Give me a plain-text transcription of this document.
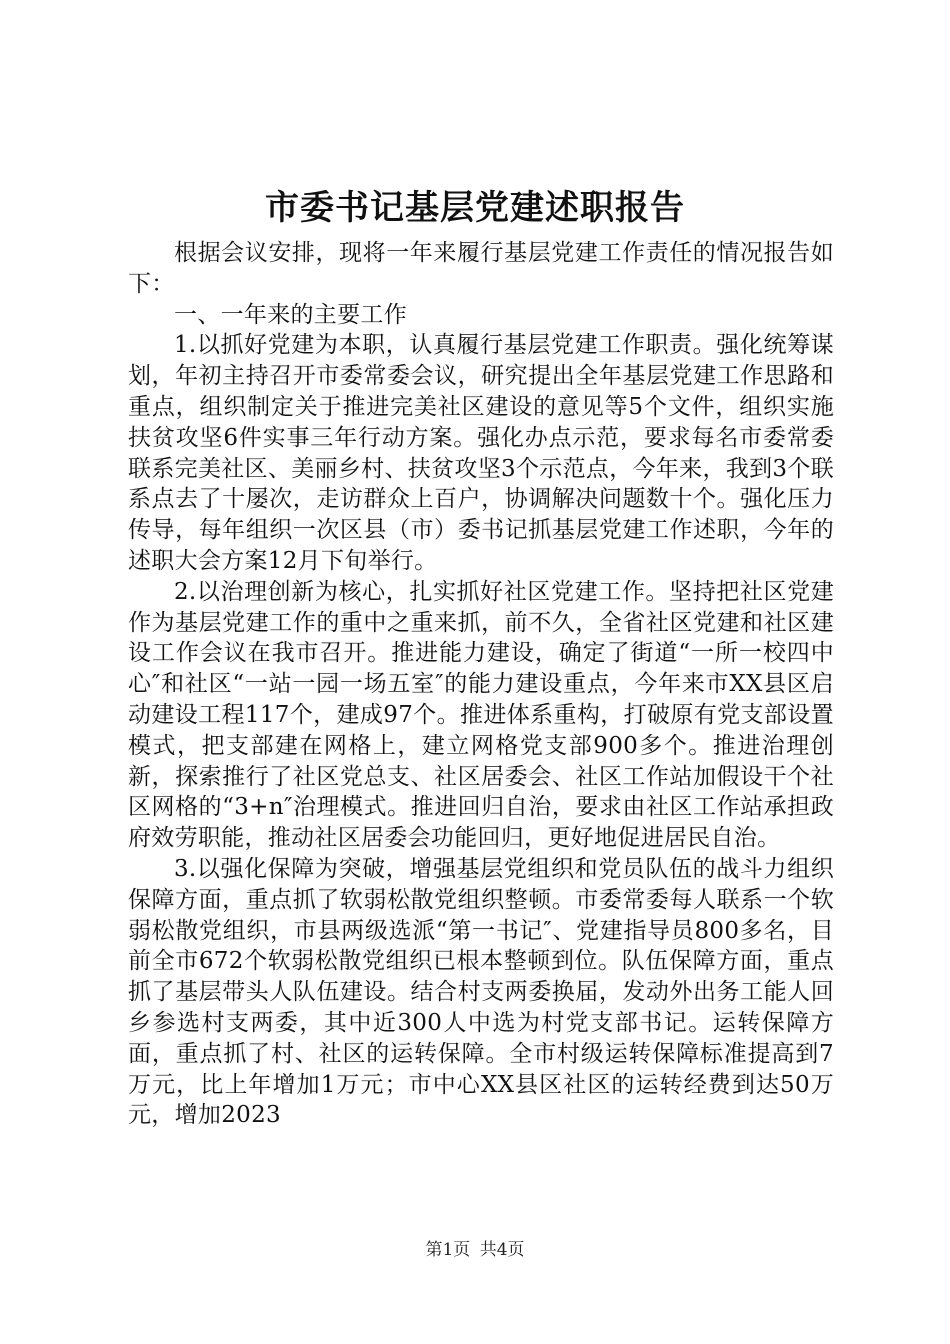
市委书记基层党建述职报告

根据会议安排，现将一年来履行基层党建工作责任的情况报告如下：

一、一年来的主要工作

1.以抓好党建为本职，认真履行基层党建工作职责。强化统筹谋划，年初主持召开市委常委会议，研究提出全年基层党建工作思路和重点，组织制定关于推进完美社区建设的意见等5个文件，组织实施扶贫攻坚6件实事三年行动方案。强化办点示范，要求每名市委常委联系完美社区、美丽乡村、扶贫攻坚3个示范点，今年来，我到3个联系点去了十屡次，走访群众上百户，协调解决问题数十个。强化压力传导，每年组织一次区县（市）委书记抓基层党建工作述职，今年的述职大会方案12月下旬举行。

2.以治理创新为核心，扎实抓好社区党建工作。坚持把社区党建作为基层党建工作的重中之重来抓，前不久，全省社区党建和社区建设工作会议在我市召开。推进能力建设，确定了街道“一所一校四中心″和社区“一站一园一场五室″的能力建设重点，今年来市XX县区启动建设工程117个，建成97个。推进体系重构，打破原有党支部设置模式，把支部建在网格上，建立网格党支部900多个。推进治理创新，探索推行了社区党总支、社区居委会、社区工作站加假设干个社区网格的“3+n″治理模式。推进回归自治，要求由社区工作站承担政府效劳职能，推动社区居委会功能回归，更好地促进居民自治。

3.以强化保障为突破，增强基层党组织和党员队伍的战斗力组织保障方面，重点抓了软弱松散党组织整顿。市委常委每人联系一个软弱松散党组织，市县两级选派“第一书记″、党建指导员800多名，目前全市672个软弱松散党组织已根本整顿到位。队伍保障方面，重点抓了基层带头人队伍建设。结合村支两委换届，发动外出务工能人回乡参选村支两委，其中近300人中选为村党支部书记。运转保障方面，重点抓了村、社区的运转保障。全市村级运转保障标准提高到7万元，比上年增加1万元；市中心XX县区社区的运转经费到达50万元，增加2023

第1页 共4页
